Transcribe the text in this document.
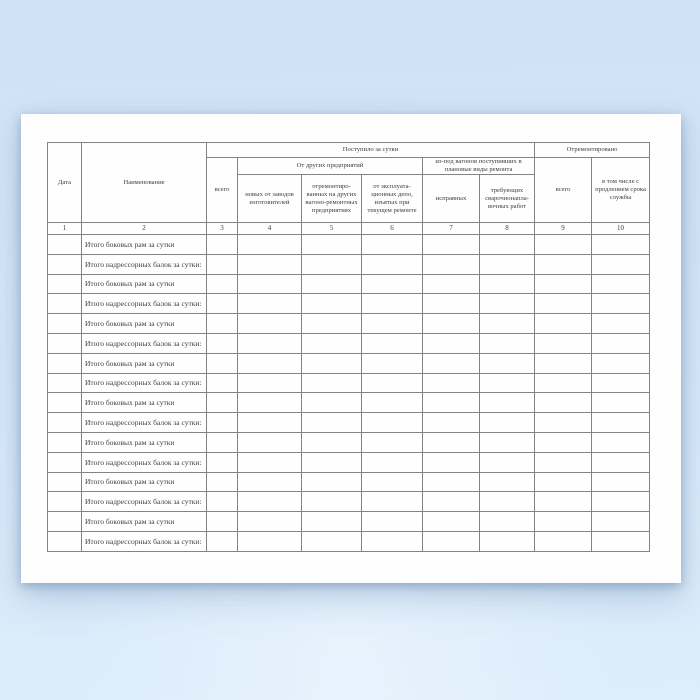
Дата	Наименование	Поступило за сутки						Отремонтировано	
		всего	От других предприятий			из-под вагонов поступивших в плановые виды ремонта		всего	в том числе с продлением срока службы
			новых от заводов изготовителей	отремонтиро-ванных на других вагоно-ремонтных предприятиях	от эксплуата-ционных депо, изъятых при текущем ремонте	исправных	требующих сварочнонапла-вочных работ		
1	2	3	4	5	6	7	8	9	10
	Итого боковых рам за сутки								
	Итого надрессорных балок за сутки:								
	Итого боковых рам за сутки								
	Итого надрессорных балок за сутки:								
	Итого боковых рам за сутки								
	Итого надрессорных балок за сутки:								
	Итого боковых рам за сутки								
	Итого надрессорных балок за сутки:								
	Итого боковых рам за сутки								
	Итого надрессорных балок за сутки:								
	Итого боковых рам за сутки								
	Итого надрессорных балок за сутки:								
	Итого боковых рам за сутки								
	Итого надрессорных балок за сутки:								
	Итого боковых рам за сутки								
	Итого надрессорных балок за сутки:								
